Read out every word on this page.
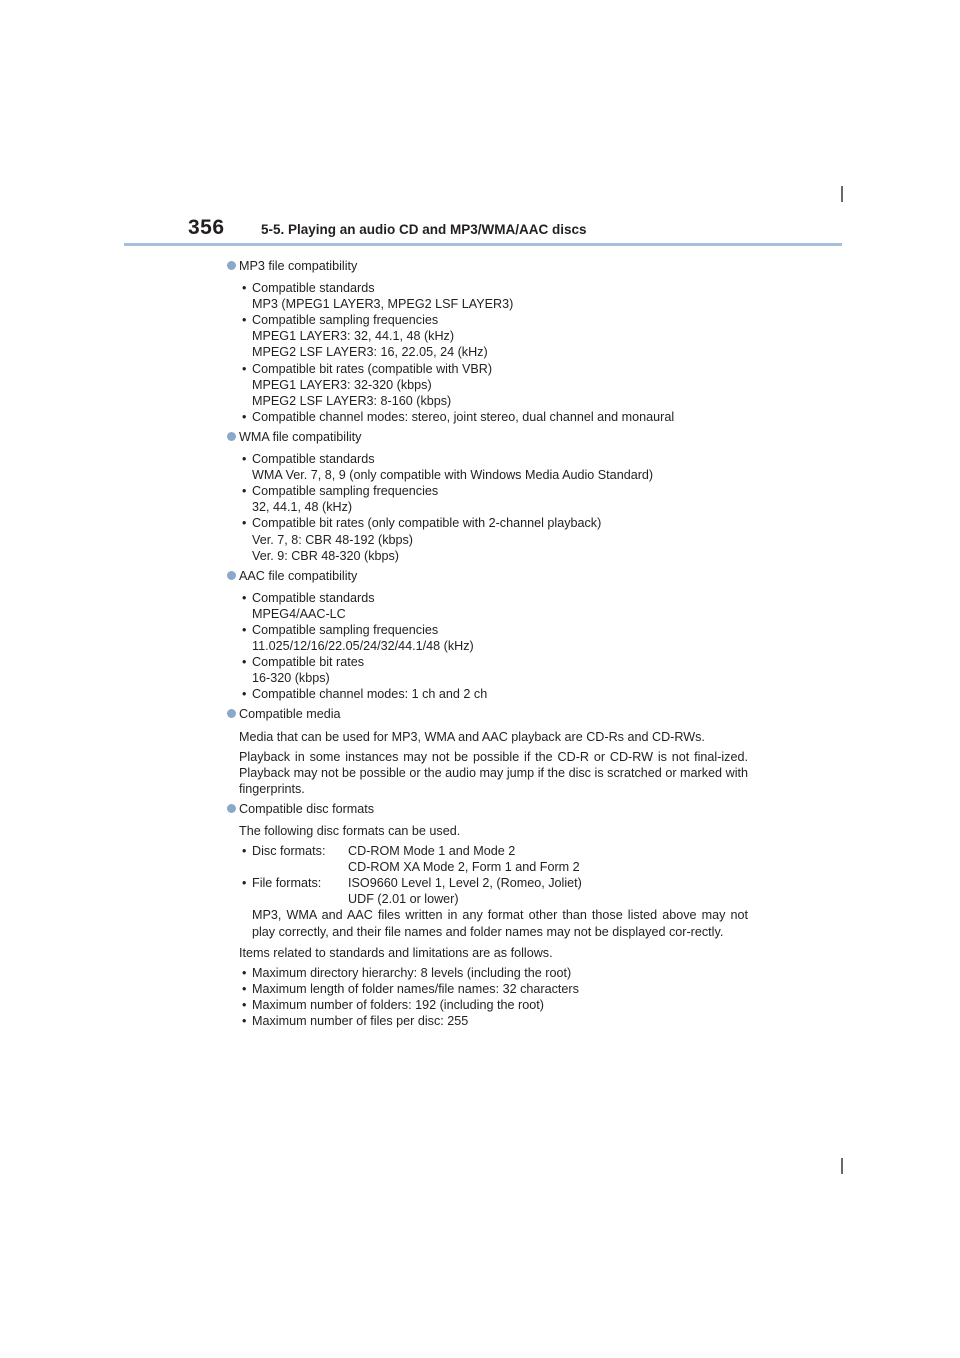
356	5-5. Playing an audio CD and MP3/WMA/AAC discs
MP3 file compatibility
• Compatible standards
MP3 (MPEG1 LAYER3, MPEG2 LSF LAYER3)
• Compatible sampling frequencies
MPEG1 LAYER3: 32, 44.1, 48 (kHz)
MPEG2 LSF LAYER3: 16, 22.05, 24 (kHz)
• Compatible bit rates (compatible with VBR)
MPEG1 LAYER3: 32-320 (kbps)
MPEG2 LSF LAYER3: 8-160 (kbps)
• Compatible channel modes: stereo, joint stereo, dual channel and monaural
WMA file compatibility
• Compatible standards
WMA Ver. 7, 8, 9 (only compatible with Windows Media Audio Standard)
• Compatible sampling frequencies
32, 44.1, 48 (kHz)
• Compatible bit rates (only compatible with 2-channel playback)
Ver. 7, 8: CBR 48-192 (kbps)
Ver. 9: CBR 48-320 (kbps)
AAC file compatibility
• Compatible standards
MPEG4/AAC-LC
• Compatible sampling frequencies
11.025/12/16/22.05/24/32/44.1/48 (kHz)
• Compatible bit rates
16-320 (kbps)
• Compatible channel modes: 1 ch and 2 ch
Compatible media
Media that can be used for MP3, WMA and AAC playback are CD-Rs and CD-RWs.
Playback in some instances may not be possible if the CD-R or CD-RW is not final-ized. Playback may not be possible or the audio may jump if the disc is scratched or marked with fingerprints.
Compatible disc formats
The following disc formats can be used.
• Disc formats: CD-ROM Mode 1 and Mode 2
CD-ROM XA Mode 2, Form 1 and Form 2
• File formats: ISO9660 Level 1, Level 2, (Romeo, Joliet)
UDF (2.01 or lower)
MP3, WMA and AAC files written in any format other than those listed above may not play correctly, and their file names and folder names may not be displayed cor-rectly.
Items related to standards and limitations are as follows.
• Maximum directory hierarchy: 8 levels (including the root)
• Maximum length of folder names/file names: 32 characters
• Maximum number of folders: 192 (including the root)
• Maximum number of files per disc: 255
